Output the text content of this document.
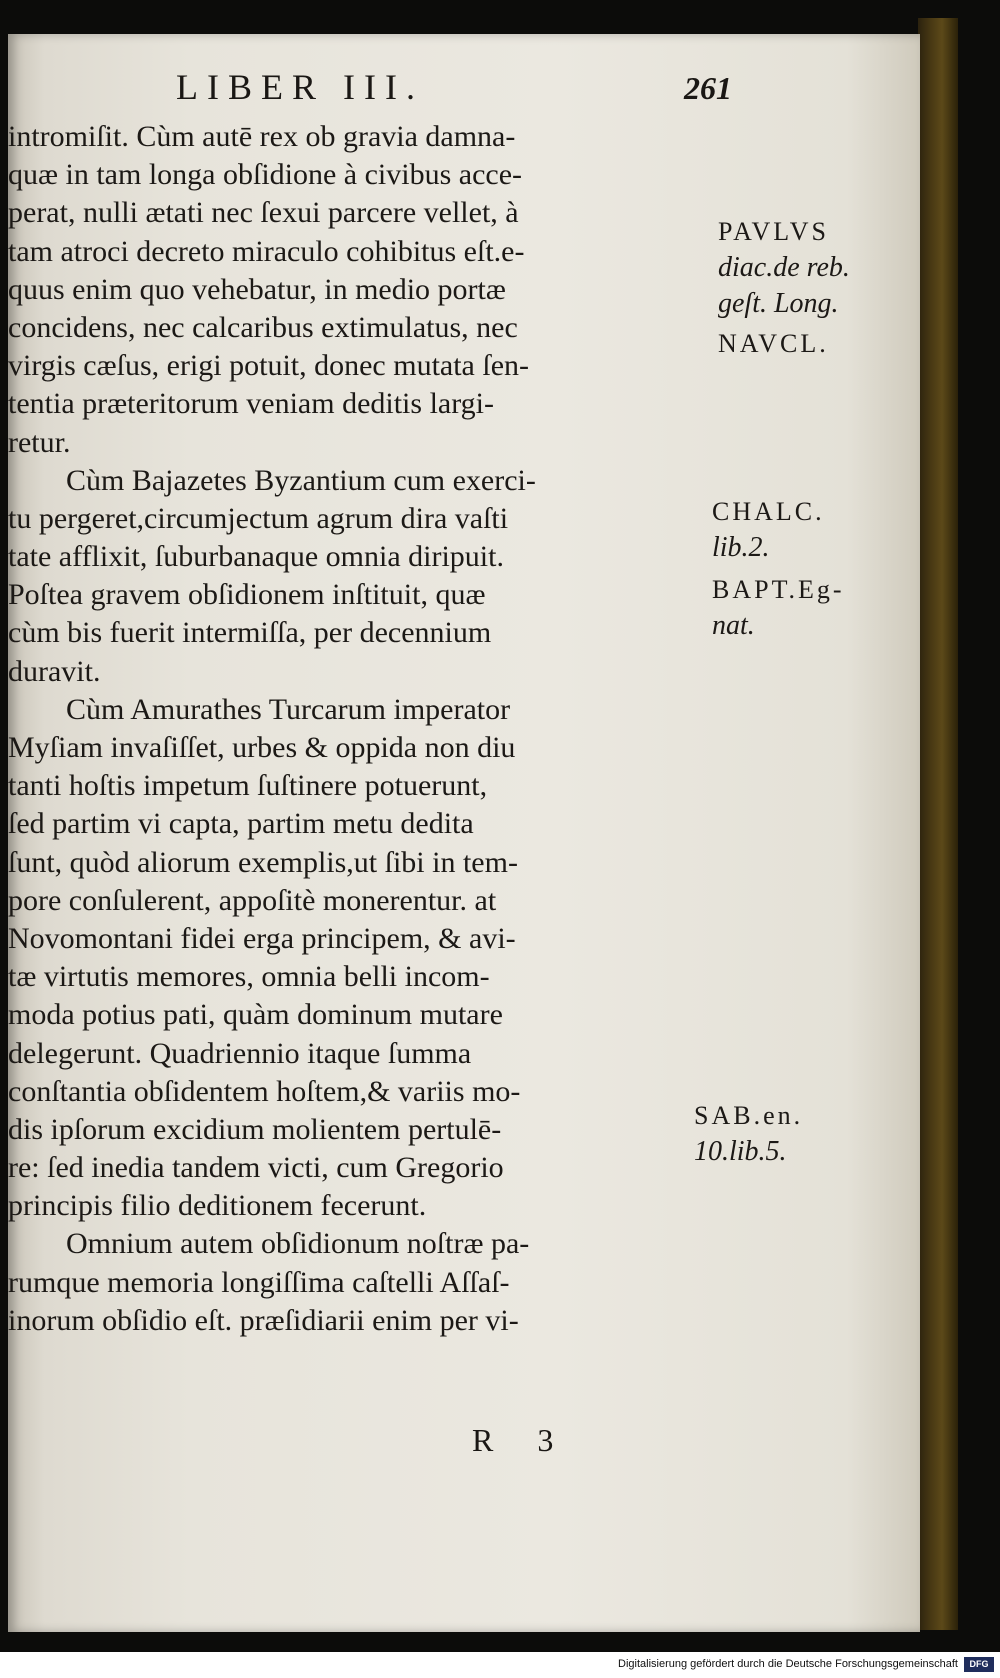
LIBER III.	261
intromiſit. Cùm autē rex ob gravia damna-
quæ in tam longa obſidione à civibus acce-
perat, nulli ætati nec ſexui parcere vellet, à
tam atroci decreto miraculo cohibitus eſt.e-
quus enim quo vehebatur, in medio portæ
concidens, nec calcaribus extimulatus, nec
virgis cæſus, erigi potuit, donec mutata ſen-
tentia præteritorum veniam deditis largi-
retur.
Cùm Bajazetes Byzantium cum exerci-
tu pergeret,circumjectum agrum dira vaſti
tate afflixit, ſuburbanaque omnia diripuit.
Poſtea gravem obſidionem inſtituit, quæ
cùm bis fuerit intermiſſa, per decennium
duravit.
Cùm Amurathes Turcarum imperator
Myſiam invaſiſſet, urbes & oppida non diu
tanti hoſtis impetum ſuſtinere potuerunt,
ſed partim vi capta, partim metu dedita
ſunt, quòd aliorum exemplis,ut ſibi in tem-
pore conſulerent, appoſitè monerentur. at
Novomontani fidei erga principem, & avi-
tæ virtutis memores, omnia belli incom-
moda potius pati, quàm dominum mutare
delegerunt. Quadriennio itaque ſumma
conſtantia obſidentem hoſtem,& variis mo-
dis ipſorum excidium molientem pertulē-
re: ſed inedia tandem victi, cum Gregorio
principis filio deditionem fecerunt.
Omnium autem obſidionum noſtræ pa-
rumque memoria longiſſima caſtelli Aſſaſ-
inorum obſidio eſt. præſidiarii enim per vi-
PAVLVS
diac.de reb.
geſt. Long.
NAVCL.
CHALC.
lib.2.
BAPT.Eg-
nat.
SAB.en.
10.lib.5.
R 3
Digitalisierung gefördert durch die Deutsche Forschungsgemeinschaft	DFG
